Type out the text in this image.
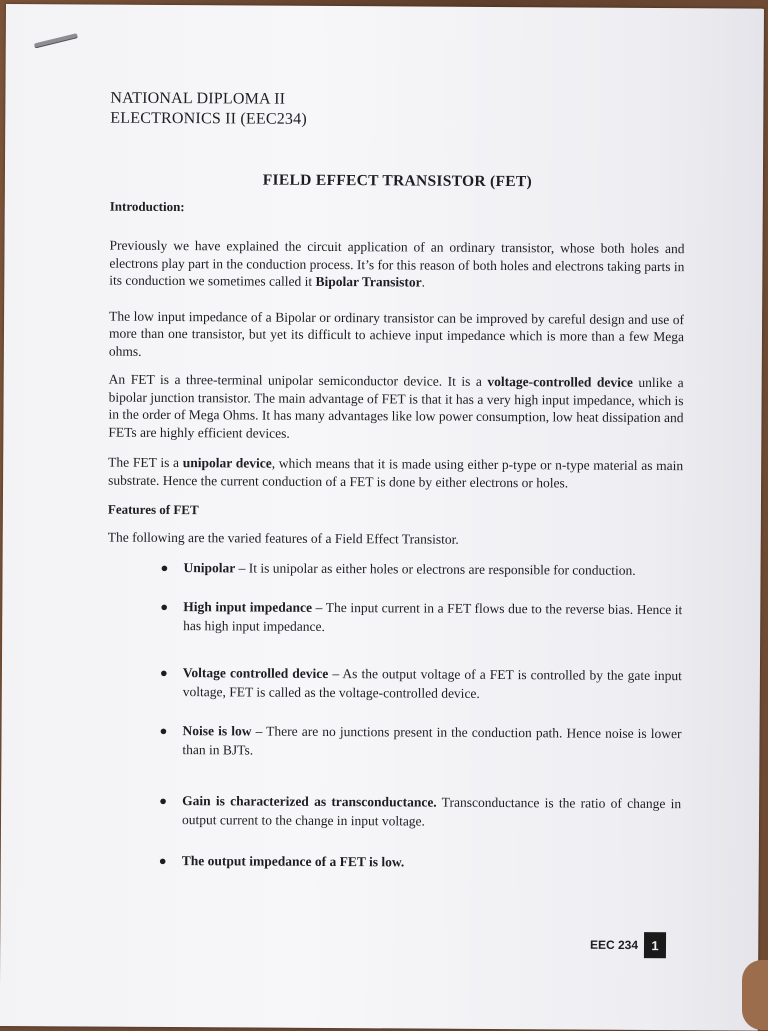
NATIONAL DIPLOMA II
ELECTRONICS II (EEC234)
FIELD EFFECT TRANSISTOR (FET)
Introduction:

Previously we have explained the circuit application of an ordinary transistor, whose both holes and electrons play part in the conduction process. It’s for this reason of both holes and electrons taking parts in its conduction we sometimes called it Bipolar Transistor.

The low input impedance of a Bipolar or ordinary transistor can be improved by careful design and use of more than one transistor, but yet its difficult to achieve input impedance which is more than a few Mega ohms.

An FET is a three-terminal unipolar semiconductor device. It is a voltage-controlled device unlike a bipolar junction transistor. The main advantage of FET is that it has a very high input impedance, which is in the order of Mega Ohms. It has many advantages like low power consumption, low heat dissipation and FETs are highly efficient devices.

The FET is a unipolar device, which means that it is made using either p-type or n-type material as main substrate. Hence the current conduction of a FET is done by either electrons or holes.

Features of FET

The following are the varied features of a Field Effect Transistor.

● Unipolar – It is unipolar as either holes or electrons are responsible for conduction.
● High input impedance – The input current in a FET flows due to the reverse bias. Hence it has high input impedance.
● Voltage controlled device – As the output voltage of a FET is controlled by the gate input voltage, FET is called as the voltage-controlled device.
● Noise is low – There are no junctions present in the conduction path. Hence noise is lower than in BJTs.
● Gain is characterized as transconductance. Transconductance is the ratio of change in output current to the change in input voltage.
● The output impedance of a FET is low.
EEC 234	1
